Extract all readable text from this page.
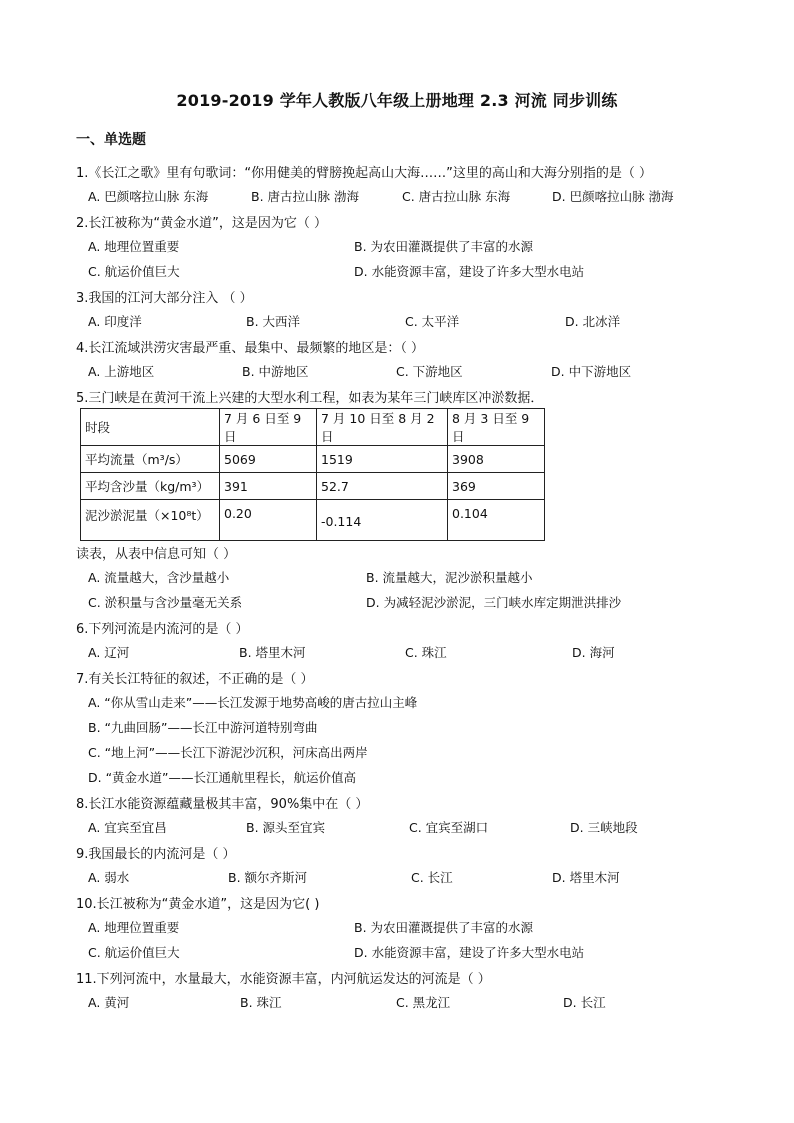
2019-2019 学年人教版八年级上册地理 2.3 河流 同步训练
一、单选题
1.《长江之歌》里有句歌词：“你用健美的臂膀挽起高山大海……”这里的高山和大海分别指的是（ ）
A. 巴颜喀拉山脉 东海	B. 唐古拉山脉 渤海	C. 唐古拉山脉 东海	D. 巴颜喀拉山脉 渤海
2.长江被称为“黄金水道”，这是因为它（ ）
A. 地理位置重要	B. 为农田灌溉提供了丰富的水源
C. 航运价值巨大	D. 水能资源丰富，建设了许多大型水电站
3.我国的江河大部分注入 （ ）
A. 印度洋	B. 大西洋	C. 太平洋	D. 北冰洋
4.长江流域洪涝灾害最严重、最集中、最频繁的地区是：（ ）
A. 上游地区	B. 中游地区	C. 下游地区	D. 中下游地区
5.三门峡是在黄河干流上兴建的大型水利工程，如表为某年三门峡库区冲淤数据．
时段	7 月 6 日至 9 日	7 月 10 日至 8 月 2 日	8 月 3 日至 9 日
平均流量（m³/s）	5069	1519	3908
平均含沙量（kg/m³）	391	52.7	369

泥沙淤泥量（×10⁸t）	0.20	-0.114	0.104
读表，从表中信息可知（ ）
A. 流量越大，含沙量越小	B. 流量越大，泥沙淤积量越小
C. 淤积量与含沙量毫无关系	D. 为减轻泥沙淤泥，三门峡水库定期泄洪排沙
6.下列河流是内流河的是（ ）
A. 辽河	B. 塔里木河	C. 珠江	D. 海河
7.有关长江特征的叙述，不正确的是（ ）
A. “你从雪山走来”——长江发源于地势高峻的唐古拉山主峰
B. “九曲回肠”——长江中游河道特别弯曲
C. “地上河”——长江下游泥沙沉积，河床高出两岸
D. “黄金水道”——长江通航里程长，航运价值高
8.长江水能资源蕴藏量极其丰富，90%集中在（ ）
A. 宜宾至宜昌	B. 源头至宜宾	C. 宜宾至湖口	D. 三峡地段
9.我国最长的内流河是（ ）
A. 弱水	B. 额尔齐斯河	C. 长江	D. 塔里木河
10.长江被称为“黄金水道”，这是因为它( )
A. 地理位置重要	B. 为农田灌溉提供了丰富的水源
C. 航运价值巨大	D. 水能资源丰富，建设了许多大型水电站
11.下列河流中，水量最大，水能资源丰富，内河航运发达的河流是（ ）
A. 黄河	B. 珠江	C. 黑龙江	D. 长江
